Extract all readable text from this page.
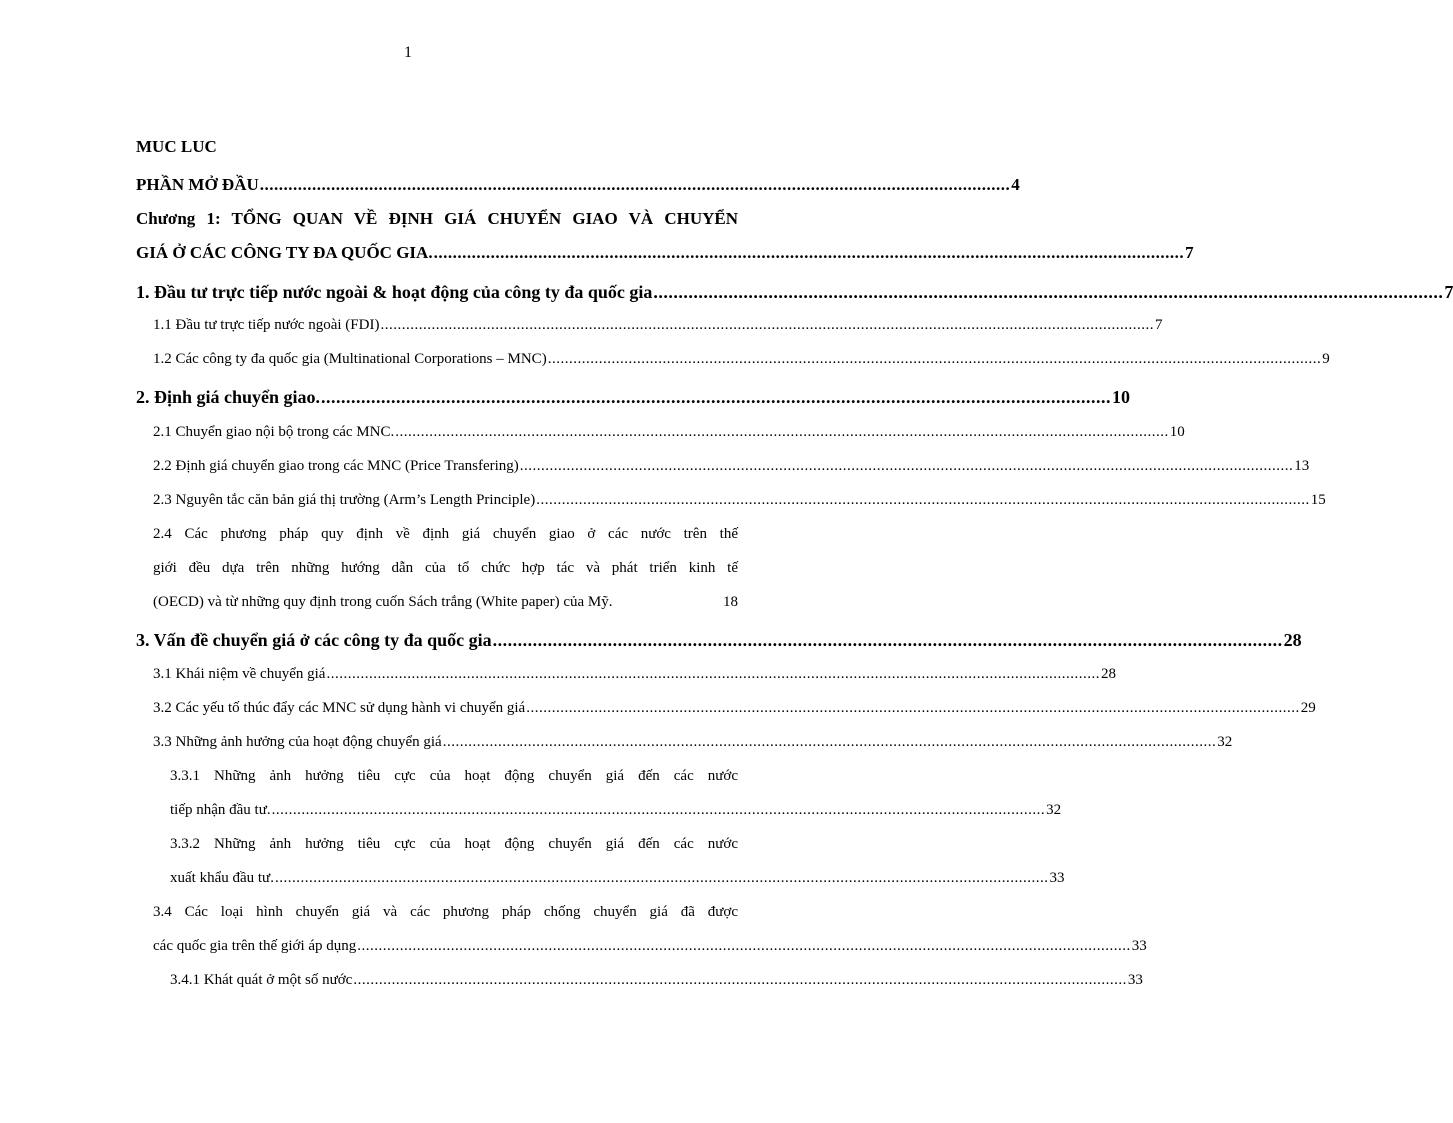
1
MUC LUC
PHẦN MỞ ĐẦU .............................................................................................................................................................. 4
Chương 1: TỔNG QUAN VỀ ĐỊNH GIÁ CHUYỂN GIAO VÀ CHUYỂN
GIÁ Ở CÁC CÔNG TY ĐA QUỐC GIA. .............................................................................................................................................................. 7
1. Đầu tư trực tiếp nước ngoài & hoạt động của công ty đa quốc gia .............................................................................................................................................................. 7
1.1 Đầu tư trực tiếp nước ngoài (FDI) ...................................................................................................................................................................................... 7
1.2 Các công ty đa quốc gia (Multinational Corporations – MNC) ...................................................................................................................................................................................... 9
2. Định giá chuyển giao. .............................................................................................................................................................. 10
2.1 Chuyển giao nội bộ trong các MNC. ...................................................................................................................................................................................... 10
2.2 Định giá chuyển giao trong các MNC (Price Transfering) ...................................................................................................................................................................................... 13
2.3 Nguyên tắc căn bản giá thị trường (Arm’s Length Principle) ...................................................................................................................................................................................... 15
2.4 Các phương pháp quy định về định giá chuyển giao ở các nước trên thế
giới đều dựa trên những hướng dẫn của tổ chức hợp tác và phát triển kinh tế
(OECD) và từ những quy định trong cuốn Sách trắng (White paper) của Mỹ.	18
3. Vấn đề chuyển giá ở các công ty đa quốc gia .............................................................................................................................................................. 28
3.1 Khái niệm về chuyển giá ...................................................................................................................................................................................... 28
3.2 Các yếu tố thúc đẩy các MNC sử dụng hành vi chuyển giá ...................................................................................................................................................................................... 29
3.3 Những ảnh hưởng của hoạt động chuyển giá ...................................................................................................................................................................................... 32
3.3.1 Những ảnh hưởng tiêu cực của hoạt động chuyển giá đến các nước
tiếp nhận đầu tư. ...................................................................................................................................................................................... 32
3.3.2 Những ảnh hưởng tiêu cực của hoạt động chuyển giá đến các nước
xuất khẩu đầu tư. ...................................................................................................................................................................................... 33
3.4 Các loại hình chuyển giá và các phương pháp chống chuyển giá đã được
các quốc gia trên thế giới áp dụng ...................................................................................................................................................................................... 33
3.4.1 Khát quát ở một số nước ...................................................................................................................................................................................... 33
